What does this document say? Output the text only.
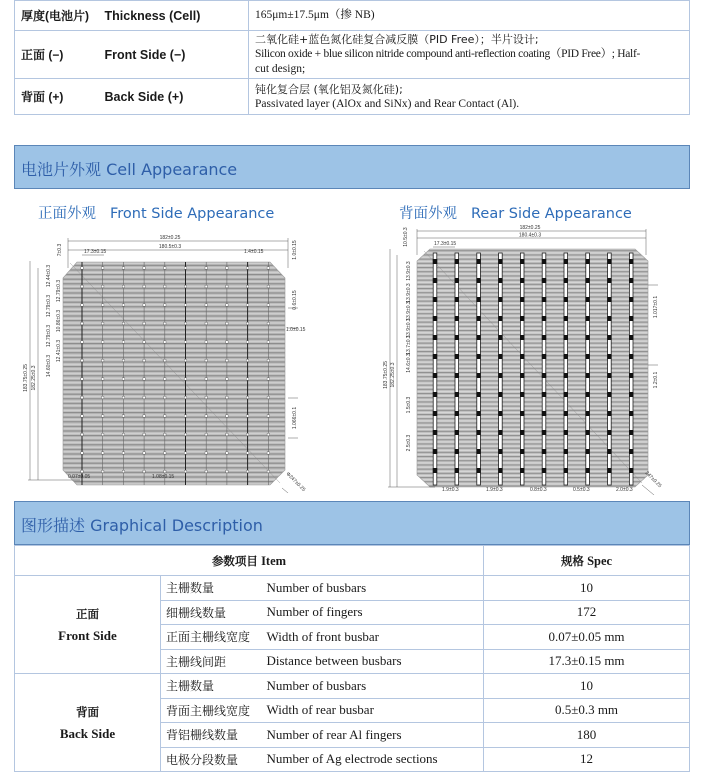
厚度(电池片)	Thickness (Cell)	165μm±17.5μm（掺 NB)
正面 (−)	Front Side (−)	二氧化硅+蓝色氮化硅复合减反膜（PID Free）；半片设计;
Silicon oxide + blue silicon nitride compound anti-reflection coating（PID Free）; Half-
cut design;

背面 (+)	Back Side (+)	钝化复合层 (氧化铝及氮化硅);
Passivated layer (AlOx and SiNx) and Rear Contact (Al).
电池片外观 Cell Appearance
正面外观 Front Side Appearance	背面外观 Rear Side Appearance
182±0.25
180.5±0.3
17.3±0.15	1.4±0.15
1.0±0.15
0.07±0.05	1.08±0.15	Φ247±0.25
183.75±0.25 182.25±0.3
7±0.3
12.44±0.3
12.79±0.3
12.79±0.3
10.86±0.3
12.79±0.3
12.41±0.3
14.60±0.3
1.0±0.15
0.6±0.15
1.066±0.1
182±0.25
180.4±0.3
17.3±0.15
10.5±0.3
183.75±0.25 182.25±0.3
13.9±0.3
13.9±0.3
13.9±0.3
13.9±0.3
13.7±0.3
14.6±0.3
1.5±0.3
2.5±0.3
1.017±0.1
1.2±0.1
1.9±0.3	1.9±0.3	0.8±0.3	0.5±0.3	2.0±0.3
247±0.25
图形描述 Graphical Description
参数项目 Item			规格 Spec

正面
Front Side	主栅数量	Number of busbars	10
	细栅线数量	Number of fingers	172
	正面主栅线宽度	Width of front busbar	0.07±0.05 mm
	主栅线间距	Distance between busbars	17.3±0.15 mm

背面
Back Side	主栅数量	Number of busbars	10
	背面主栅线宽度	Width of rear busbar	0.5±0.3 mm
	背铝栅线数量	Number of rear Al fingers	180
	电极分段数量	Number of Ag electrode sections	12
